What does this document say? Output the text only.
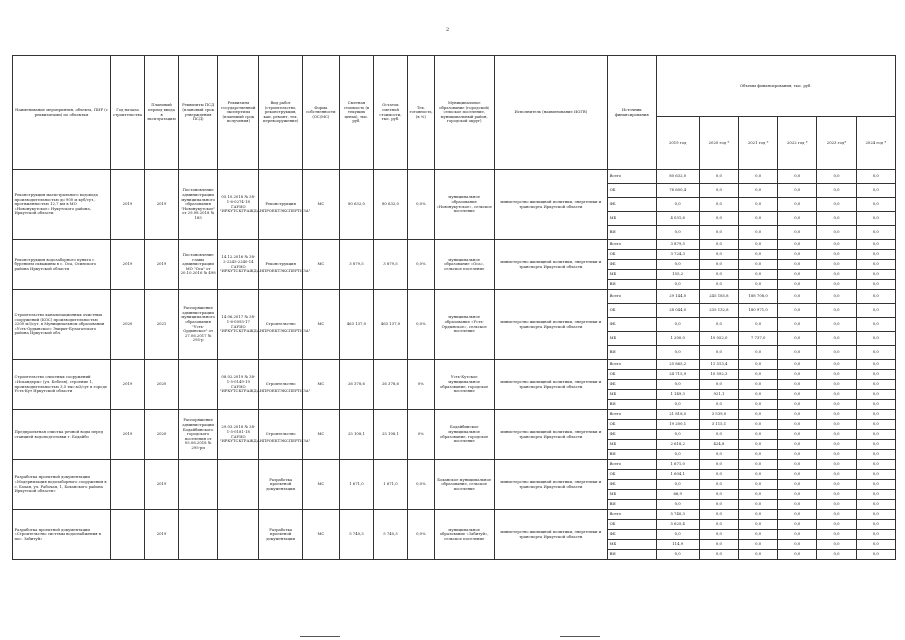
2
Наименование мероприятия, объекта, ПИР (с реквизитами) по объектам	Год начала строительства	Плановый период ввода в эксплуатацию	Реквизиты ПСД (плановый срок утверждения ПСД)	Реквизиты государственной экспертизы (плановый срок получения)	Вид работ (строительство, реконструкция, кап. ремонт, тех. перевооружение)	Форма собственности (ОС/МС)	Сметная стоимость (в текущих ценах), тыс. руб.	Остаток сметной стоимости, тыс. руб.	Тех. готовность, (в %)	Муниципальное образование (городской/сельское поселение, муниципальный район, городской округ)	Исполнитель (наименование ИОГВ)	Источник финансирования	Объемы финансирования, тыс. руб.					
													2019 год	2020 год *	2021 год *	2022 год *	2023 год*	2024 год *
Реконструкция магистрального водовода производительностью до 900 м куб/сут., протяженностью 12,7 км в МО «Новонукутское» Нукутского района, Иркутской области	2019	2019	Постановление администрации муниципального образования "Новонукутское" от 29.08.2018 № 185	05.10.2018 № 38-1-6-0274-18 ГАУИО "ИРКУТСКГРАЖДАНПРОЕКТЭКСПЕРТИЗА"	Реконструкция	МС	80 632,0	80 632,0	0,0%	муниципальное образование «Новонукутское», сельское поселение	министерство жилищной политики, энергетики и транспорта Иркутской области	Всего	80 632,0	0,0	0,0	0,0	0,0	0,0
												ОБ	76 600,4	0,0	0,0	0,0	0,0	0,0
												ФБ	0,0	0,0	0,0	0,0	0,0	0,0
												МБ	4 031,6	0,0	0,0	0,0	0,0	0,0
												ВИ	0,0	0,0	0,0	0,0	0,0	0,0
Реконструкция водозаборного пункта с бурением скважины в с. Оса, Осинского района Иркутской области	2019	2019	Постановление главы администрации МО "Оса" от 20.10.2016 № 498	14.12.2016 № 38-2-2245-2240-14 ГАУИО "ИРКУТСКГРАЖДАНПРОЕКТЭКСПЕРТИЗА"	Реконструкция	МС	3 879,5	3 879,5	0,0%	муниципальное образование «Оса», сельское поселение	министерство жилищной политики, энергетики и транспорта Иркутской области	Всего	3 879,5	0,0	0,0	0,0	0,0	0,0
												ОБ	3 724,3	0,0	0,0	0,0	0,0	0,0
												ФБ	0,0	0,0	0,0	0,0	0,0	0,0
												МБ	155,2	0,0	0,0	0,0	0,0	0,0
												ВИ	0,0	0,0	0,0	0,0	0,0	0,0
Строительство канализационных очистных сооружений (КОС) производительностью 2200 м3/сут. в Муниципальном образовании «Усть-Ордынское» Эхирит-Булагатского района Иркутской обл.	2020	2021	Распоряжение администрации муниципального образования "Усть-Ордынское" от 27.06.2017 № 295-р	14.06.2017 № 38-1-6-0093-17 ГАУИО "ИРКУТСКГРАЖДАНПРОЕКТЭКСПЕРТИЗА"	Строительство	МС	463 137,0	463 137,0	0,0%	муниципальное образование «Усть-Ордынское», сельское поселение	министерство жилищной политики, энергетики и транспорта Иркутской области	Всего	29 144,0	245 185,8	188 708,0	0,0	0,0	0,0
												ОБ	28 044,0	235 132,8	180 971,0	0,0	0,0	0,0
												ФБ	0,0	0,0	0,0	0,0	0,0	0,0
												МБ	1 200,0	10 052,0	7 737,0	0,0	0,0	0,0
												ВИ	0,0	0,0	0,0	0,0	0,0	0,0
Строительство очистных сооружений «Искандеры» (ул. Бебеля), строение 1, производительностью 3,5 тыс.м3/сут в городе Усть-Кут Иркутской области	2019	2020		08.02.2019 № 38-1-5-0149-19 ГАУИО "ИРКУТСКГРАЖДАНПРОЕКТЭКСПЕРТИЗА"	Строительство	МС	26 378,6	26 378,6	0%	Усть-Кутское муниципальное образование, городское поселение	министерство жилищной политики, энергетики и транспорта Иркутской области	Всего	25 865,2	11 513,4	0,0	0,0	0,0	0,0
												ОБ	24 715,9	10 592,3	0,0	0,0	0,0	0,0
												ФБ	0,0	0,0	0,0	0,0	0,0	0,0
												МБ	1 149,3	921,1	0,0	0,0	0,0	0,0
												ВИ	0,0	0,0	0,0	0,0	0,0	0,0
Предпроектная очистка речной воды перед станцией водоподготовки г. Бодайбо	2019	2020	Распоряжение администрации Бодайбинского городского поселения от 05.06.2018 № 295-рп	29.03.2018 № 38-1-5-0181-18 ГАУИО "ИРКУТСКГРАЖДАНПРОЕКТЭКСПЕРТИЗА"	Строительство	МС	25 108,1	25 108,1	0%	Бодайбинское муниципальное образование, городское поселение	министерство жилищной политики, энергетики и транспорта Иркутской области	Всего	21 818,5	3 539,0	0,0	0,0	0,0	0,0
												ОБ	19 200,1	3 115,1	0,0	0,0	0,0	0,0
												ФБ	0,0	0,0	0,0	0,0	0,0	0,0
												МБ	2 618,2	424,8	0,0	0,0	0,0	0,0
												ВИ	0,0	0,0	0,0	0,0	0,0	0,0
Разработка проектной документации «Модернизация водозаборного сооружения в с. Бохан, ул. Рабочая, 1, Боханского района Иркутской области»		2019			Разработка проектной документации	МС	1 671,0	1 671,0	0,0%	Боханское муниципальное образование, сельское поселение	министерство жилищной политики, энергетики и транспорта Иркутской области	Всего	1 671,0	0,0	0,0	0,0	0,0	0,0
												ОБ	1 604,1	0,0	0,0	0,0	0,0	0,0
												ФБ	0,0	0,0	0,0	0,0	0,0	0,0
												МБ	66,9	0,0	0,0	0,0	0,0	0,0
												ВИ	0,0	0,0	0,0	0,0	0,0	0,0
Разработка проектной документации «Строительство системы водоснабжения в пос. Забитуй»		2019			Разработка проектной документации	МС	5 740,3	5 740,3	0,0%	муниципальное образование «Забитуй», сельское поселение	министерство жилищной политики, энергетики и транспорта Иркутской области	Всего	5 740,3	0,0	0,0	0,0	0,0	0,0
												ОБ	5 625,4	0,0	0,0	0,0	0,0	0,0
												ФБ	0,0	0,0	0,0	0,0	0,0	0,0
												МБ	114,9	0,0	0,0	0,0	0,0	0,0
												ВИ	0,0	0,0	0,0	0,0	0,0	0,0
